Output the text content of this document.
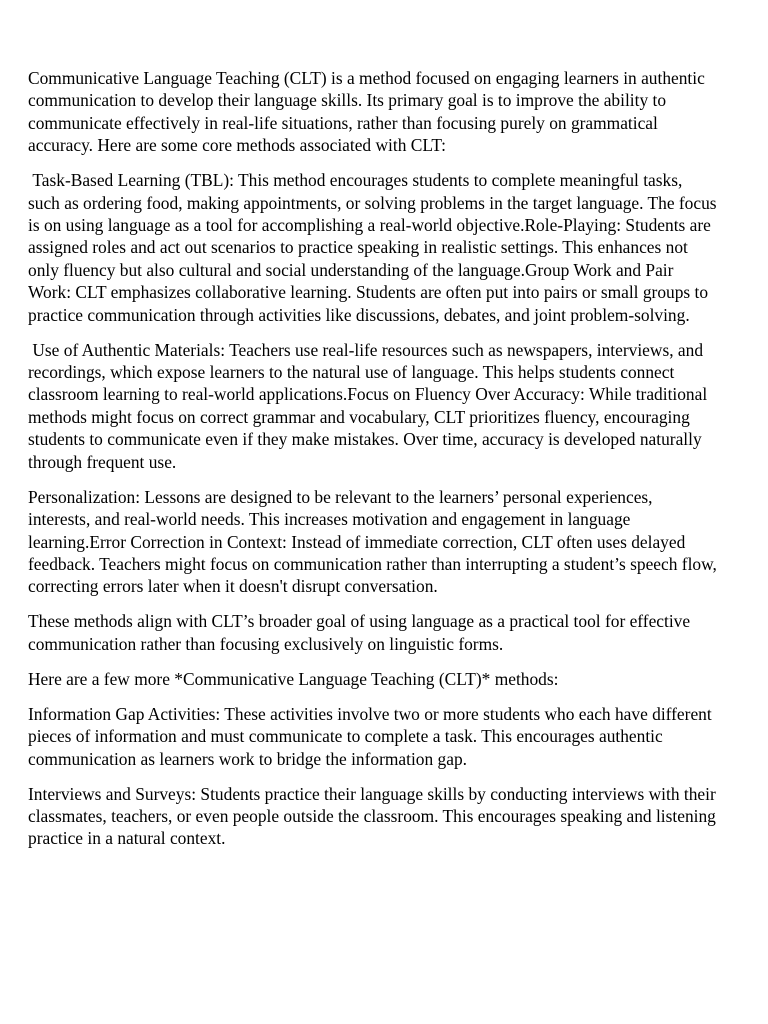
Communicative Language Teaching (CLT) is a method focused on engaging learners in authentic communication to develop their language skills. Its primary goal is to improve the ability to communicate effectively in real-life situations, rather than focusing purely on grammatical accuracy. Here are some core methods associated with CLT:

Task-Based Learning (TBL): This method encourages students to complete meaningful tasks, such as ordering food, making appointments, or solving problems in the target language. The focus is on using language as a tool for accomplishing a real-world objective.Role-Playing: Students are assigned roles and act out scenarios to practice speaking in realistic settings. This enhances not only fluency but also cultural and social understanding of the language.Group Work and Pair Work: CLT emphasizes collaborative learning. Students are often put into pairs or small groups to practice communication through activities like discussions, debates, and joint problem-solving.

Use of Authentic Materials: Teachers use real-life resources such as newspapers, interviews, and recordings, which expose learners to the natural use of language. This helps students connect classroom learning to real-world applications.Focus on Fluency Over Accuracy: While traditional methods might focus on correct grammar and vocabulary, CLT prioritizes fluency, encouraging students to communicate even if they make mistakes. Over time, accuracy is developed naturally through frequent use.

Personalization: Lessons are designed to be relevant to the learners’ personal experiences, interests, and real-world needs. This increases motivation and engagement in language learning.Error Correction in Context: Instead of immediate correction, CLT often uses delayed feedback. Teachers might focus on communication rather than interrupting a student’s speech flow, correcting errors later when it doesn't disrupt conversation.

These methods align with CLT’s broader goal of using language as a practical tool for effective communication rather than focusing exclusively on linguistic forms.

Here are a few more *Communicative Language Teaching (CLT)* methods:

Information Gap Activities: These activities involve two or more students who each have different pieces of information and must communicate to complete a task. This encourages authentic communication as learners work to bridge the information gap.

Interviews and Surveys: Students practice their language skills by conducting interviews with their classmates, teachers, or even people outside the classroom. This encourages speaking and listening practice in a natural context.
